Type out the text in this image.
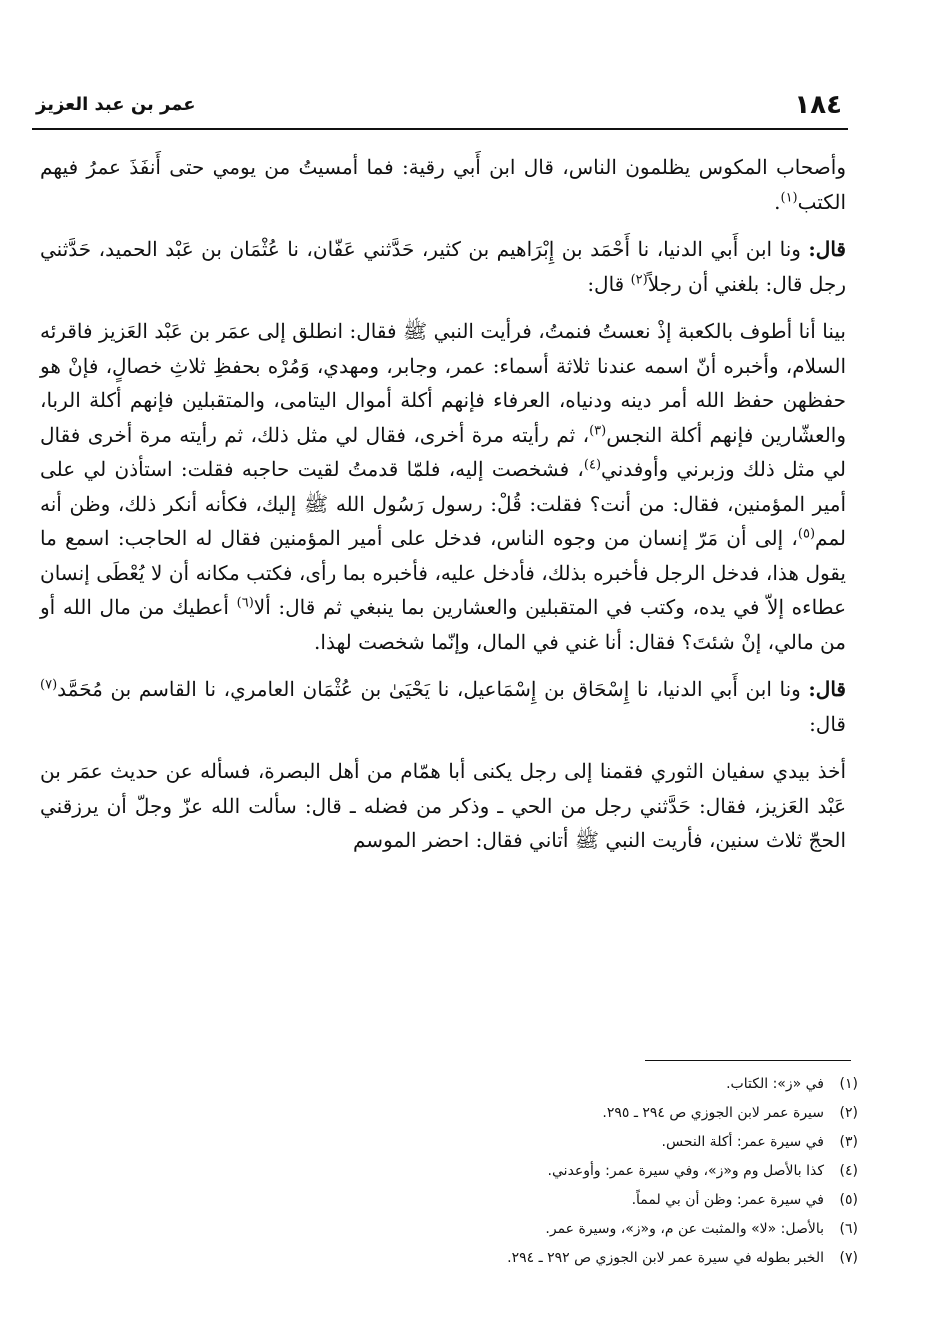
١٨٤
عمر بن عبد العزيز

وأصحاب المكوس يظلمون الناس، قال ابن أَبي رقية: فما أمسيتُ من يومي حتى أَنفَذَ عمرُ فيهم الكتب$^{(١)}$.

قال: ونا ابن أَبي الدنيا، نا أَحْمَد بن إِبْرَاهيم بن كثير، حَدَّثني عَفّان، نا عُثْمَان بن عَبْد الحميد، حَدَّثني رجل قال: بلغني أن رجلاً$^{(٢)}$ قال:

بينا أنا أطوف بالكعبة إذْ نعستُ فنمتُ، فرأيت النبي ﷺ فقال: انطلق إلى عمَر بن عَبْد العَزيز فاقرئه السلام، وأخبره أنّ اسمه عندنا ثلاثة أسماء: عمر، وجابر، ومهدي، وَمُرْه بحفظِ ثلاثِ خصالٍ، فإنْ هو حفظهن حفظ الله أمر دينه ودنياه، العرفاء فإنهم أكلة أموال اليتامى، والمتقبلين فإنهم أكلة الربا، والعشّارين فإنهم أكلة النجس$^{(٣)}$، ثم رأيته مرة أخرى، فقال لي مثل ذلك، ثم رأيته مرة أخرى فقال لي مثل ذلك وزبرني وأوفدني$^{(٤)}$، فشخصت إليه، فلمّا قدمتُ لقيت حاجبه فقلت: استأذن لي على أمير المؤمنين، فقال: من أنت؟ فقلت: قُلْ: رسول رَسُول الله ﷺ إليك، فكأنه أنكر ذلك، وظن أنه لمم$^{(٥)}$، إلى أن مَرّ إنسان من وجوه الناس، فدخل على أمير المؤمنين فقال له الحاجب: اسمع ما يقول هذا، فدخل الرجل فأخبره بذلك، فأدخل عليه، فأخبره بما رأى، فكتب مكانه أن لا يُعْطَى إنسان عطاءه إلاّ في يده، وكتب في المتقبلين والعشارين بما ينبغي ثم قال: ألا$^{(٦)}$ أعطيك من مال الله أو من مالي، إنْ شئتَ؟ فقال: أنا غني في المال، وإنّما شخصت لهذا.

قال: ونا ابن أَبي الدنيا، نا إِسْحَاق بن إِسْمَاعيل، نا يَحْيَىٰ بن عُثْمَان العامري، نا القاسم بن مُحَمَّد$^{(٧)}$ قال:

أخذ بيدي سفيان الثوري فقمنا إلى رجل يكنى أبا همّام من أهل البصرة، فسأله عن حديث عمَر بن عَبْد العَزيز، فقال: حَدَّثني رجل من الحي ـ وذكر من فضله ـ قال: سألت الله عزّ وجلّ أن يرزقني الحجّ ثلاث سنين، فأريت النبي ﷺ أتاني فقال: احضر الموسم

(١)
في «ز»: الكتاب.
(٢)
سيرة عمر لابن الجوزي ص ٢٩٤ ـ ٢٩٥.
(٣)
في سيرة عمر: أكلة النحس.
(٤)
كذا بالأصل وم و«ز»، وفي سيرة عمر: وأوعدني.
(٥)
في سيرة عمر: وظن أن بي لمماً.
(٦)
بالأصل: «لا» والمثبت عن م، و«ز»، وسيرة عمر.
(٧)
الخبر بطوله في سيرة عمر لابن الجوزي ص ٢٩٢ ـ ٢٩٤.
